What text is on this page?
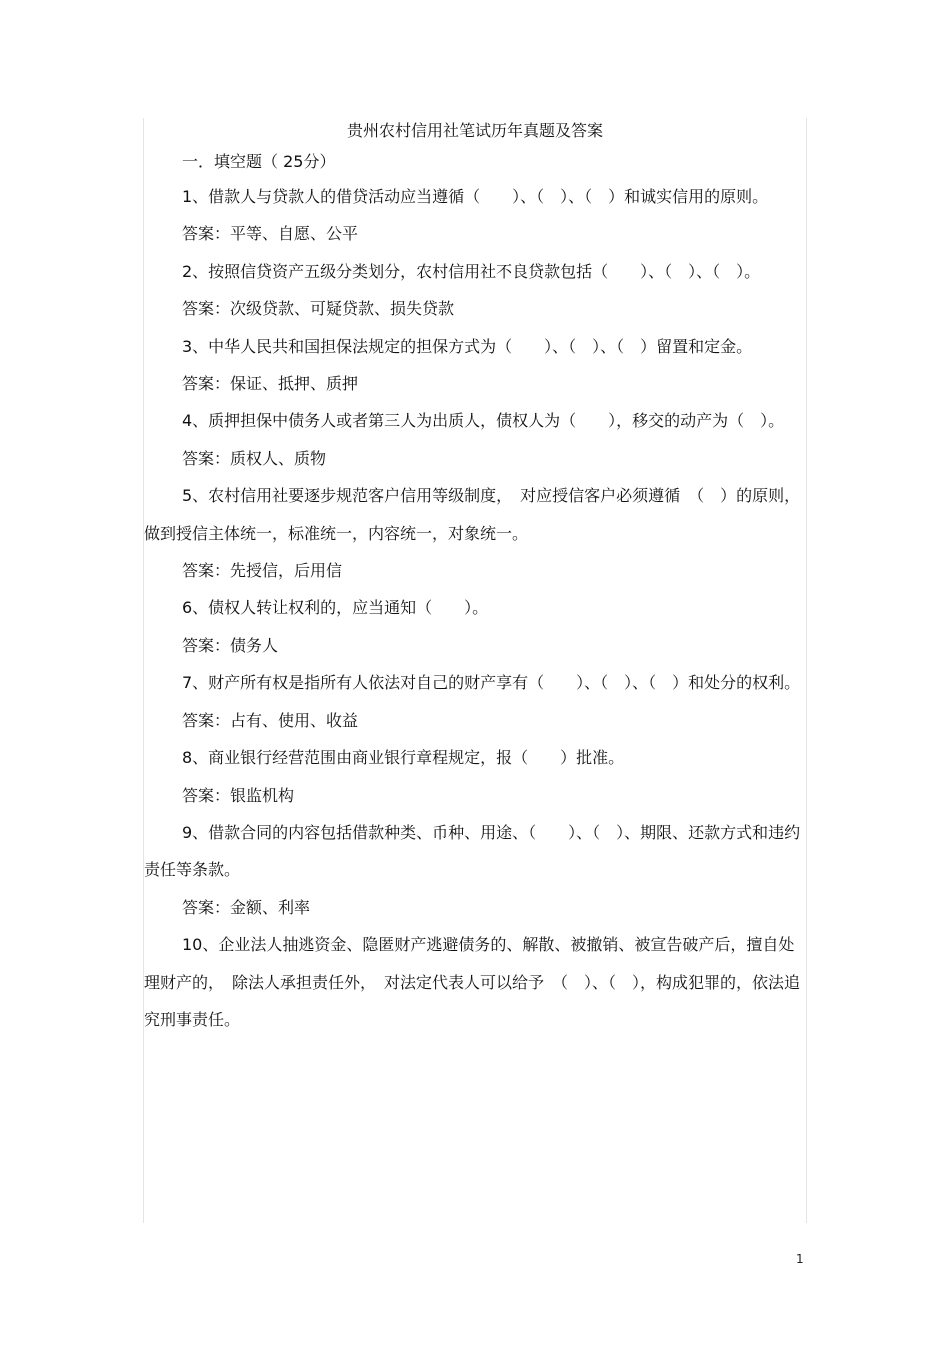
贵州农村信用社笔试历年真题及答案

一．填空题（ 25分）

1、借款人与贷款人的借贷活动应当遵循（　　）、（　）、（　）和诚实信用的原则。

答案：平等、自愿、公平

2、按照信贷资产五级分类划分，农村信用社不良贷款包括（　　）、（　）、（　）。

答案：次级贷款、可疑贷款、损失贷款

3、中华人民共和国担保法规定的担保方式为（　　）、（　）、（　）留置和定金。

答案：保证、抵押、质押

4、质押担保中债务人或者第三人为出质人，债权人为（　　），移交的动产为（　）。

答案：质权人、质物

5、农村信用社要逐步规范客户信用等级制度，　对应授信客户必须遵循　（　）的原则，做到授信主体统一，标准统一，内容统一，对象统一。

答案：先授信，后用信

6、债权人转让权利的，应当通知（　　）。

答案：债务人

7、财产所有权是指所有人依法对自己的财产享有（　　）、（　）、（　）和处分的权利。

答案：占有、使用、收益

8、商业银行经营范围由商业银行章程规定，报（　　）批准。

答案：银监机构

9、借款合同的内容包括借款种类、币种、用途、（　　）、（　）、期限、还款方式和违约责任等条款。

答案：金额、利率

10、企业法人抽逃资金、隐匿财产逃避债务的、解散、被撤销、被宣告破产后，擅自处理财产的，　除法人承担责任外，　对法定代表人可以给予　（　）、（　），构成犯罪的，依法追究刑事责任。

1
